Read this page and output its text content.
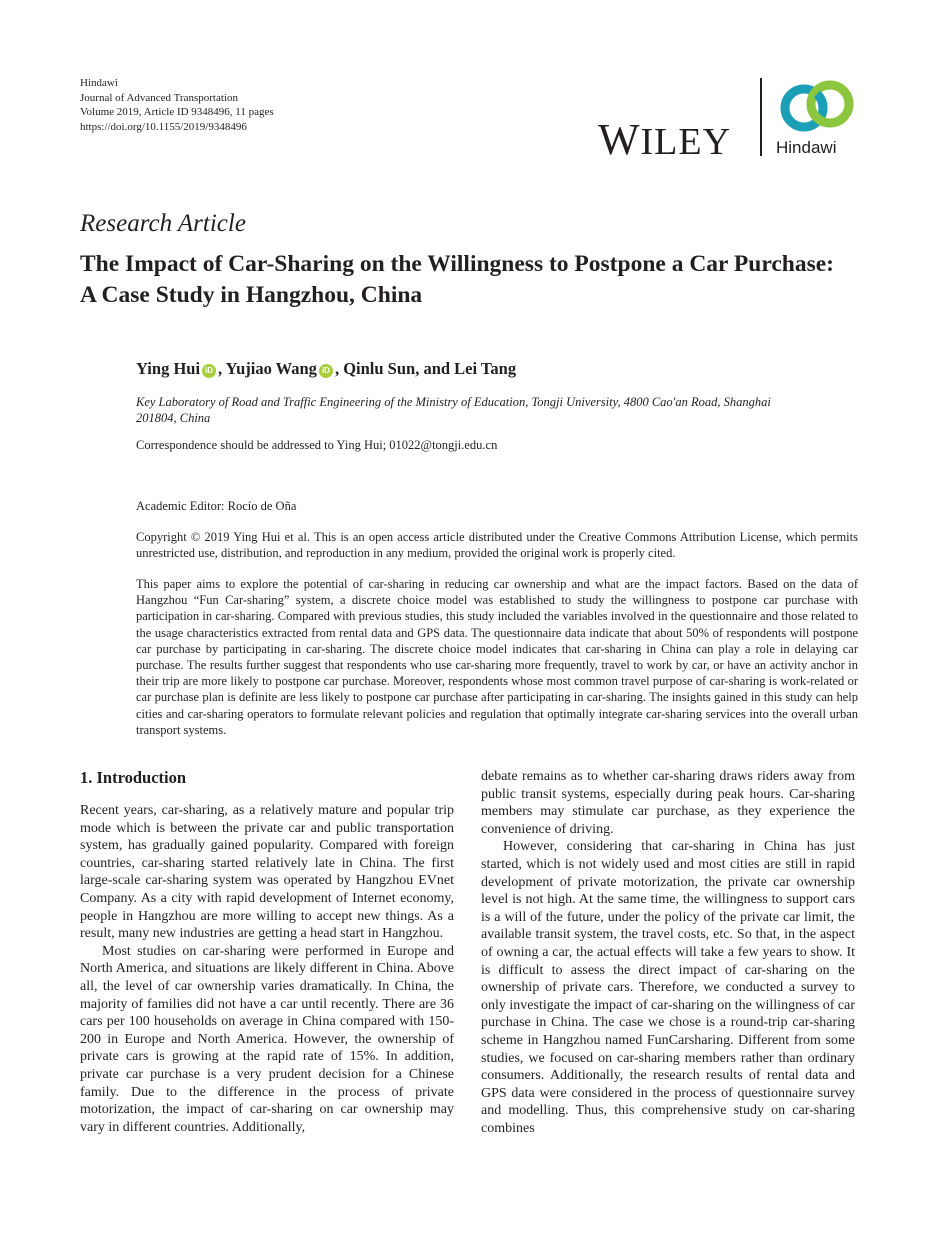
Hindawi
Journal of Advanced Transportation
Volume 2019, Article ID 9348496, 11 pages
https://doi.org/10.1155/2019/9348496	WILEY	Hindawi
Research Article
The Impact of Car-Sharing on the Willingness to Postpone a Car Purchase: A Case Study in Hangzhou, China
Ying Hui iD , Yujiao Wang iD , Qinlu Sun, and Lei Tang
Key Laboratory of Road and Traffic Engineering of the Ministry of Education, Tongji University, 4800 Cao'an Road, Shanghai 201804, China
Correspondence should be addressed to Ying Hui; 01022@tongji.edu.cn
Academic Editor: Rocío de Oña
Copyright © 2019 Ying Hui et al. This is an open access article distributed under the Creative Commons Attribution License, which permits unrestricted use, distribution, and reproduction in any medium, provided the original work is properly cited.
This paper aims to explore the potential of car-sharing in reducing car ownership and what are the impact factors. Based on the data of Hangzhou “Fun Car-sharing” system, a discrete choice model was established to study the willingness to postpone car purchase with participation in car-sharing. Compared with previous studies, this study included the variables involved in the questionnaire and those related to the usage characteristics extracted from rental data and GPS data. The questionnaire data indicate that about 50% of respondents will postpone car purchase by participating in car-sharing. The discrete choice model indicates that car-sharing in China can play a role in delaying car purchase. The results further suggest that respondents who use car-sharing more frequently, travel to work by car, or have an activity anchor in their trip are more likely to postpone car purchase. Moreover, respondents whose most common travel purpose of car-sharing is work-related or car purchase plan is definite are less likely to postpone car purchase after participating in car-sharing. The insights gained in this study can help cities and car-sharing operators to formulate relevant policies and regulation that optimally integrate car-sharing services into the overall urban transport systems.
1. Introduction

Recent years, car-sharing, as a relatively mature and popular trip mode which is between the private car and public transportation system, has gradually gained popularity. Compared with foreign countries, car-sharing started relatively late in China. The first large-scale car-sharing system was operated by Hangzhou EVnet Company. As a city with rapid development of Internet economy, people in Hangzhou are more willing to accept new things. As a result, many new industries are getting a head start in Hangzhou.

Most studies on car-sharing were performed in Europe and North America, and situations are likely different in China. Above all, the level of car ownership varies dramatically. In China, the majority of families did not have a car until recently. There are 36 cars per 100 households on average in China compared with 150-200 in Europe and North America. However, the ownership of private cars is growing at the rapid rate of 15%. In addition, private car purchase is a very prudent decision for a Chinese family. Due to the difference in the process of private motorization, the impact of car-sharing on car ownership may vary in different countries. Additionally,

debate remains as to whether car-sharing draws riders away from public transit systems, especially during peak hours. Car-sharing members may stimulate car purchase, as they experience the convenience of driving.

However, considering that car-sharing in China has just started, which is not widely used and most cities are still in rapid development of private motorization, the private car ownership level is not high. At the same time, the willingness to support cars is a will of the future, under the policy of the private car limit, the available transit system, the travel costs, etc. So that, in the aspect of owning a car, the actual effects will take a few years to show. It is difficult to assess the direct impact of car-sharing on the ownership of private cars. Therefore, we conducted a survey to only investigate the impact of car-sharing on the willingness of car purchase in China. The case we chose is a round-trip car-sharing scheme in Hangzhou named FunCarsharing. Different from some studies, we focused on car-sharing members rather than ordinary consumers. Additionally, the research results of rental data and GPS data were considered in the process of questionnaire survey and modelling. Thus, this comprehensive study on car-sharing combines
